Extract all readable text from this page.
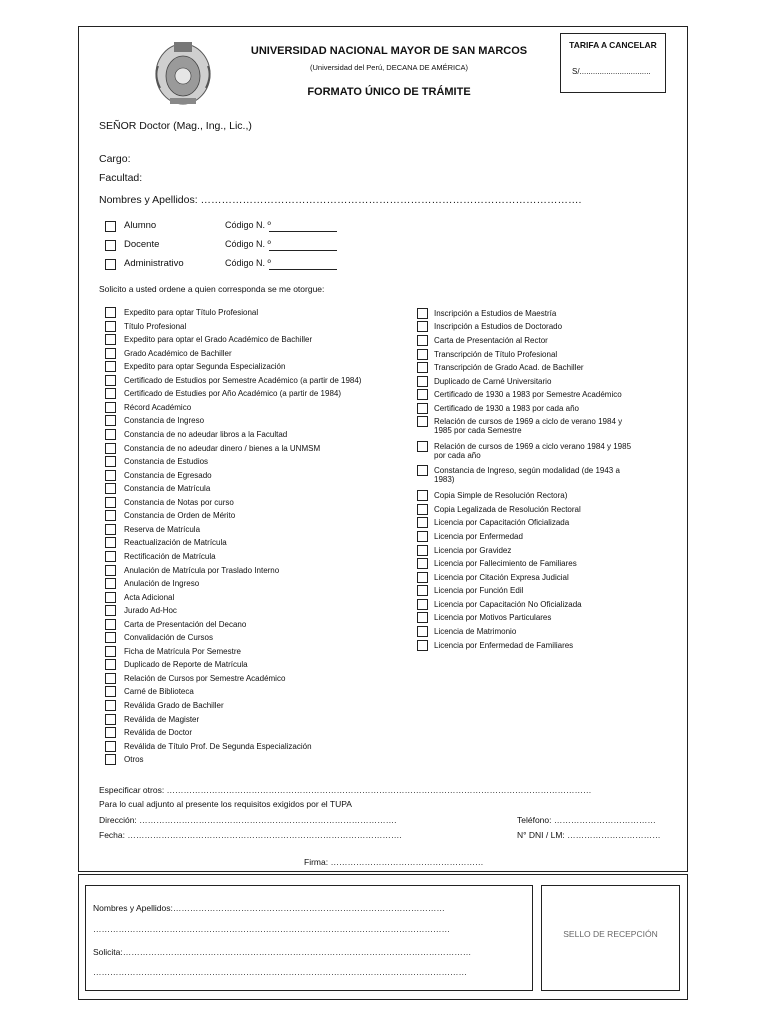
UNIVERSIDAD NACIONAL MAYOR DE SAN MARCOS
(Universidad del Perú, DECANA DE AMÉRICA)
FORMATO ÚNICO DE TRÁMITE
TARIFA A CANCELAR
S/................................
SEÑOR Doctor (Mag., Ing., Lic.,)
Cargo:
Facultad:
Nombres y Apellidos: ……………………………………………………………………………………………….
Alumno	Código N. º
Docente	Código N. º
Administrativo	Código N. º
Solicito a usted ordene a quien corresponda se me otorgue:
Expedito para optar Título Profesional
Título Profesional
Expedito para optar el Grado Académico de Bachiller
Grado Académico de Bachiller
Expedito para optar Segunda Especialización
Certificado de Estudios por Semestre Académico (a partir de 1984)
Certificado de Estudies por Año Académico (a partir de 1984)
Récord Académico
Constancia de Ingreso
Constancia de no adeudar libros a la Facultad
Constancia de no adeudar dinero / bienes a la UNMSM
Constancia de Estudios
Constancia de Egresado
Constancia de Matrícula
Constancia de Notas por curso
Constancia de Orden de Mérito
Reserva de Matrícula
Reactualización de Matrícula
Rectificación de Matrícula
Anulación de Matrícula por Traslado Interno
Anulación de Ingreso
Acta Adicional
Jurado Ad-Hoc
Carta de Presentación del Decano
Convalidación de Cursos
Ficha de Matrícula Por Semestre
Duplicado de Reporte de Matrícula
Relación de Cursos por Semestre Académico
Carné de Biblioteca
Reválida Grado de Bachiller
Reválida de Magister
Reválida de Doctor
Reválida de Título Prof. De Segunda Especialización
Otros
Inscripción a Estudios de Maestría
Inscripción a Estudios de Doctorado
Carta de Presentación al Rector
Transcripción de Título Profesional
Transcripción de Grado Acad. de Bachiller
Duplicado de Carné Universitario
Certificado de 1930 a 1983 por Semestre Académico
Certificado de 1930 a 1983 por cada año
Relación de cursos de 1969 a ciclo de verano 1984 y 1985 por cada Semestre
Relación de cursos de 1969 a ciclo verano 1984 y 1985 por cada año
Constancia de Ingreso, según modalidad (de 1943 a 1983)
Copia Simple de Resolución Rectora)
Copia Legalizada de Resolución Rectoral
Licencia por Capacitación Oficializada
Licencia por Enfermedad
Licencia por Gravidez
Licencia por Fallecimiento de Familiares
Licencia por Citación Expresa Judicial
Licencia por Función Edil
Licencia por Capacitación No Oficializada
Licencia por Motivos Particulares
Licencia de Matrimonio
Licencia por Enfermedad de Familiares
Especificar otros: ……………………………………………………………………………………………………………………………………
Para lo cual adjunto al presente los requisitos exigidos por el TUPA
Dirección: ……………………………………………………………………………….
Fecha: …………………………………………………………………………………….
Teléfono: ………………………………
N° DNI / LM: ……………………………
Firma: ………………………………………………
Nombres y Apellidos:……………………………………………………………………………………
………………………………………………………………………………………………………………
Solicita:……………………………………………………………………………………………………………
……………………………………………………………………………………………………………………
SELLO DE RECEPCIÓN
